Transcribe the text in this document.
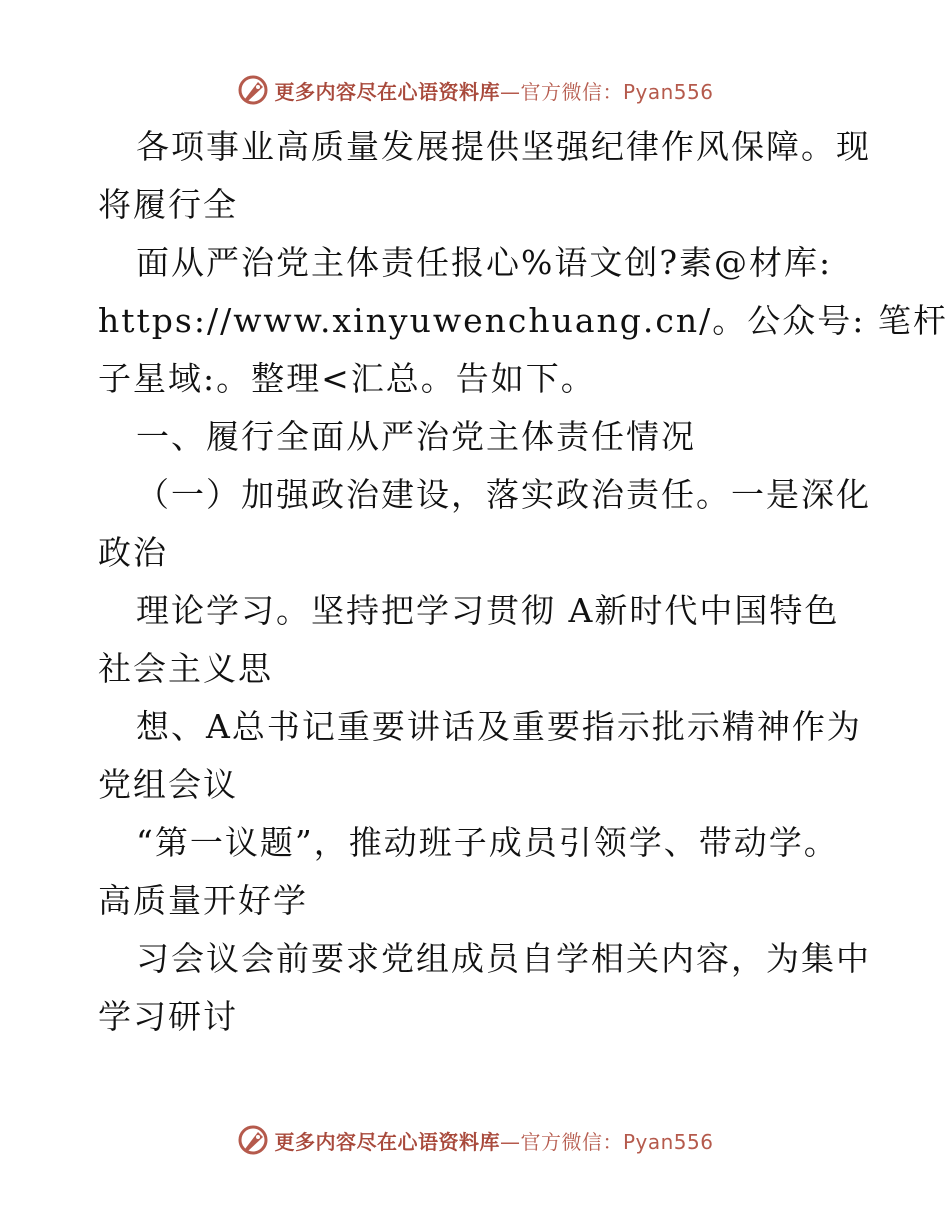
更多内容尽在心语资料库—官方微信：Pyan556
各项事业高质量发展提供坚强纪律作风保障。现
将履行全
面从严治党主体责任报心%语文创?素@材库:
https://www.xinyuwenchuang.cn/。公众号: 笔杆
子星域:。整理<汇总。告如下。
一、履行全面从严治党主体责任情况
（一）加强政治建设，落实政治责任。一是深化
政治
理论学习。坚持把学习贯彻 A新时代中国特色
社会主义思
想、A总书记重要讲话及重要指示批示精神作为
党组会议
“第一议题”，推动班子成员引领学、带动学。
高质量开好学
习会议会前要求党组成员自学相关内容，为集中
学习研讨
更多内容尽在心语资料库—官方微信：Pyan556
